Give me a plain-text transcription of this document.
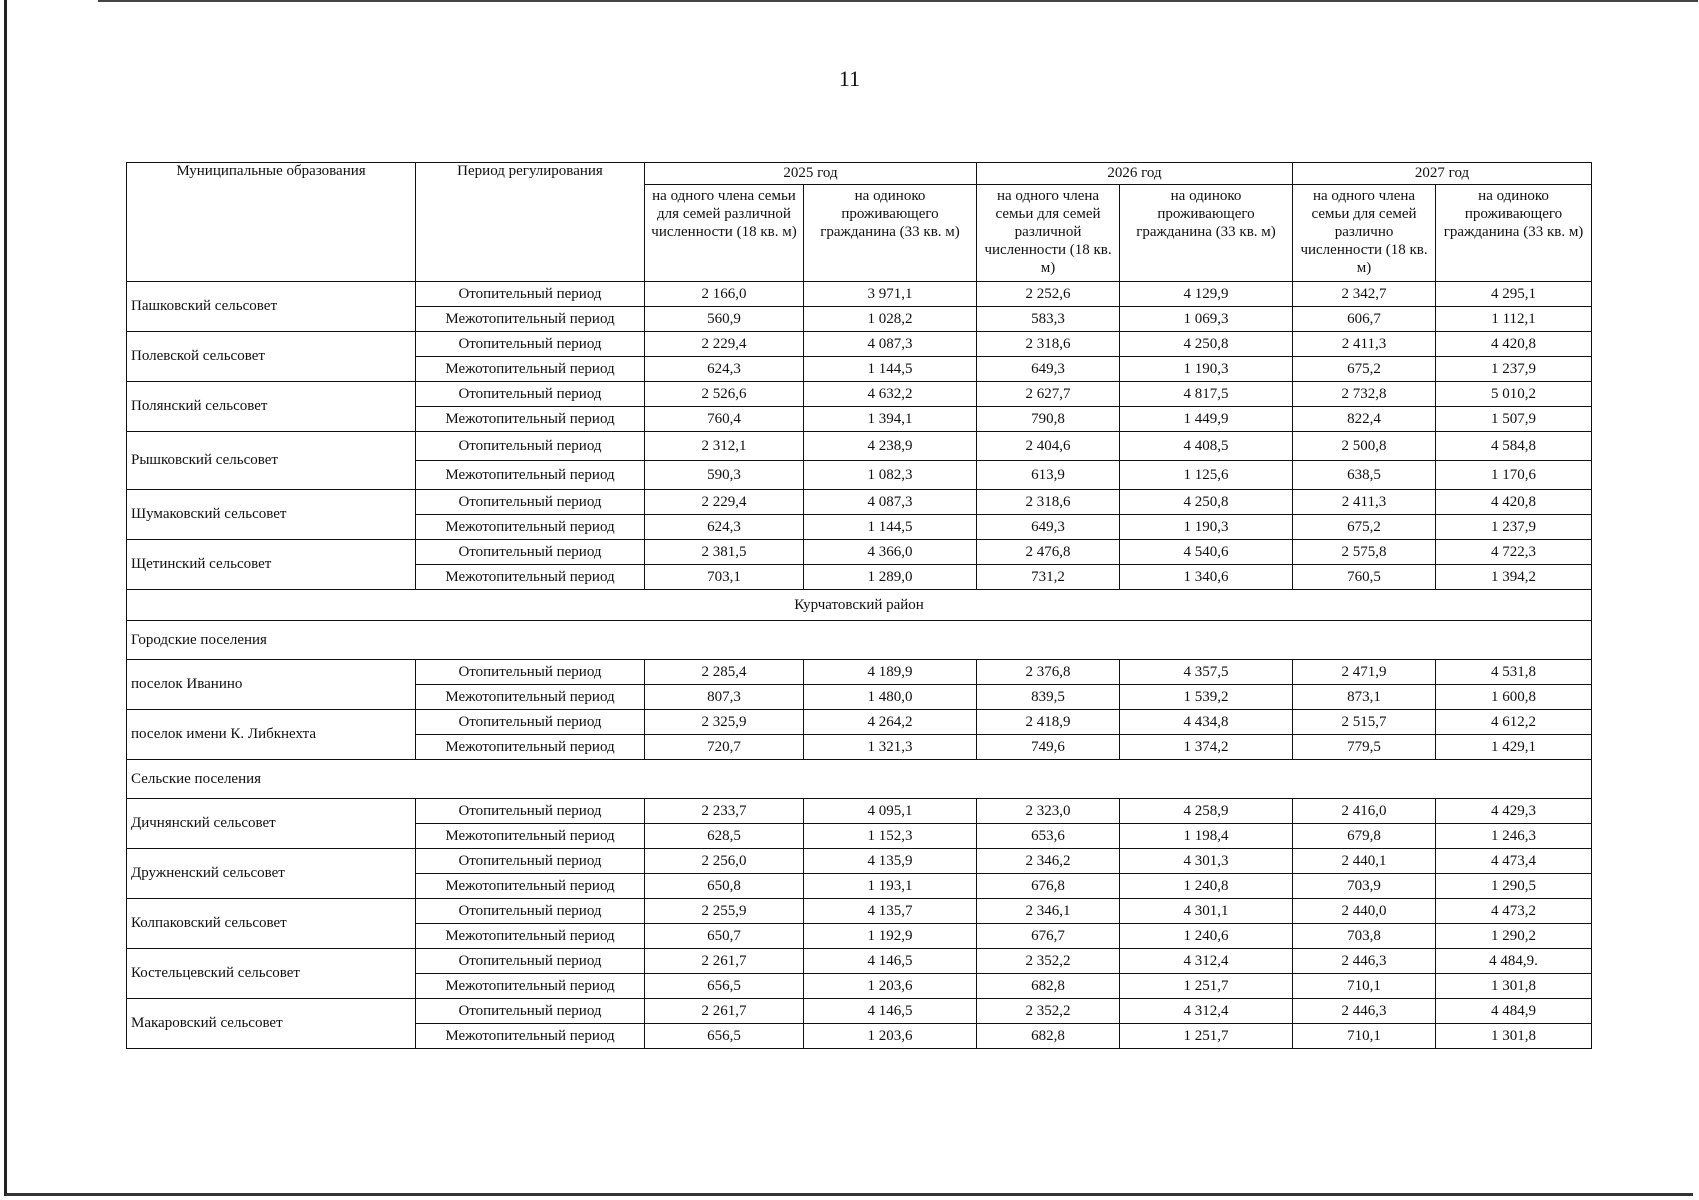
11
Муниципальные образования	Период регулирования	2025 год		2026 год		2027 год	
		на одного члена семьи для семей различной численности (18 кв. м)	на одиноко проживающего гражданина (33 кв. м)	на одного члена семьи для семей различной численности (18 кв. м)	на одиноко проживающего гражданина (33 кв. м)	на одного члена семьи для семей различно численности (18 кв. м)	на одиноко проживающего гражданина (33 кв. м)
Пашковский сельсовет	Отопительный период	2 166,0	3 971,1	2 252,6	4 129,9	2 342,7	4 295,1
	Межотопительный период	560,9	1 028,2	583,3	1 069,3	606,7	1 112,1
Полевской сельсовет	Отопительный период	2 229,4	4 087,3	2 318,6	4 250,8	2 411,3	4 420,8
	Межотопительный период	624,3	1 144,5	649,3	1 190,3	675,2	1 237,9
Полянский сельсовет	Отопительный период	2 526,6	4 632,2	2 627,7	4 817,5	2 732,8	5 010,2
	Межотопительный период	760,4	1 394,1	790,8	1 449,9	822,4	1 507,9
Рышковский сельсовет	Отопительный период	2 312,1	4 238,9	2 404,6	4 408,5	2 500,8	4 584,8
	Межотопительный период	590,3	1 082,3	613,9	1 125,6	638,5	1 170,6
Шумаковский сельсовет	Отопительный период	2 229,4	4 087,3	2 318,6	4 250,8	2 411,3	4 420,8
	Межотопительный период	624,3	1 144,5	649,3	1 190,3	675,2	1 237,9
Щетинский сельсовет	Отопительный период	2 381,5	4 366,0	2 476,8	4 540,6	2 575,8	4 722,3
	Межотопительный период	703,1	1 289,0	731,2	1 340,6	760,5	1 394,2
Курчатовский район							
Городские поселения							
поселок Иванино	Отопительный период	2 285,4	4 189,9	2 376,8	4 357,5	2 471,9	4 531,8
	Межотопительный период	807,3	1 480,0	839,5	1 539,2	873,1	1 600,8
поселок имени К. Либкнехта	Отопительный период	2 325,9	4 264,2	2 418,9	4 434,8	2 515,7	4 612,2
	Межотопительный период	720,7	1 321,3	749,6	1 374,2	779,5	1 429,1
Сельские поселения							
Дичнянский сельсовет	Отопительный период	2 233,7	4 095,1	2 323,0	4 258,9	2 416,0	4 429,3
	Межотопительный период	628,5	1 152,3	653,6	1 198,4	679,8	1 246,3
Дружненский сельсовет	Отопительный период	2 256,0	4 135,9	2 346,2	4 301,3	2 440,1	4 473,4
	Межотопительный период	650,8	1 193,1	676,8	1 240,8	703,9	1 290,5
Колпаковский сельсовет	Отопительный период	2 255,9	4 135,7	2 346,1	4 301,1	2 440,0	4 473,2
	Межотопительный период	650,7	1 192,9	676,7	1 240,6	703,8	1 290,2
Костельцевский сельсовет	Отопительный период	2 261,7	4 146,5	2 352,2	4 312,4	2 446,3	4 484,9.
	Межотопительный период	656,5	1 203,6	682,8	1 251,7	710,1	1 301,8
Макаровский сельсовет	Отопительный период	2 261,7	4 146,5	2 352,2	4 312,4	2 446,3	4 484,9
	Межотопительный период	656,5	1 203,6	682,8	1 251,7	710,1	1 301,8
